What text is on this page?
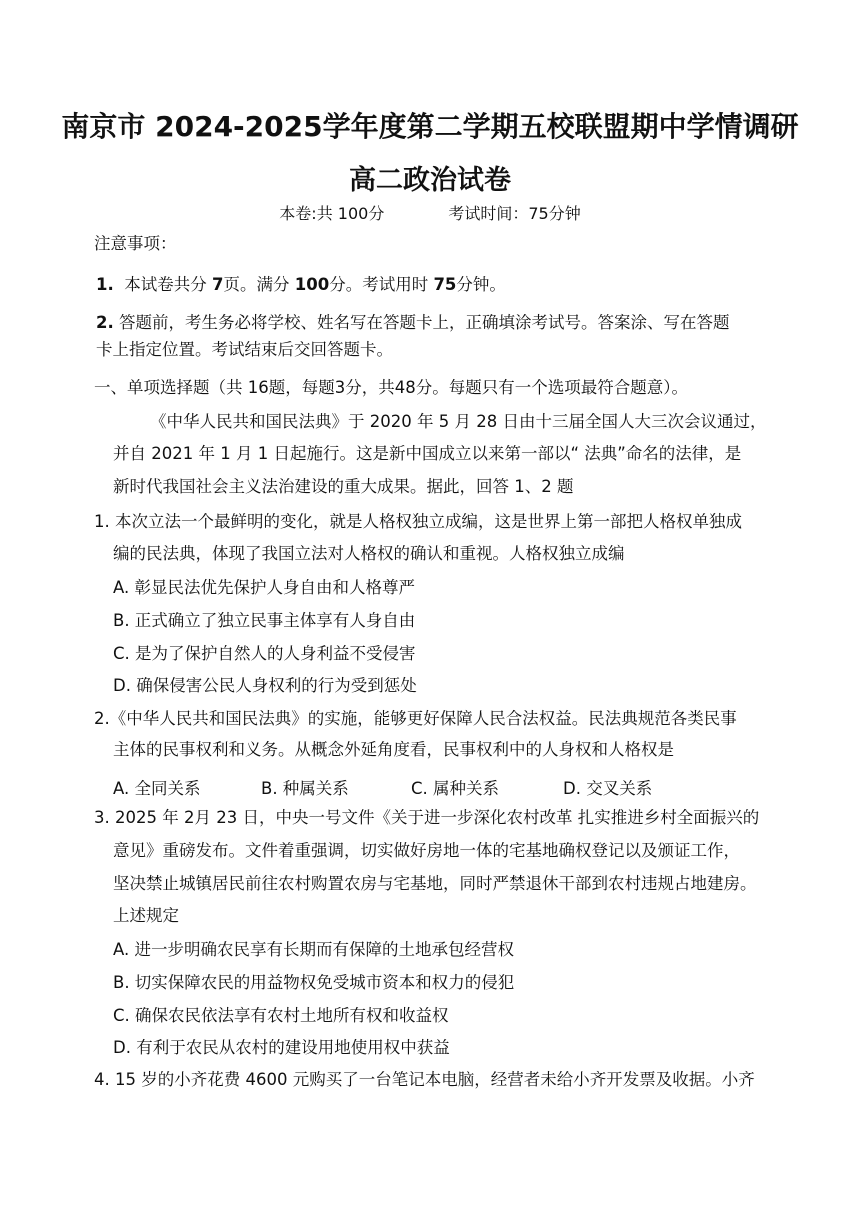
南京市 2024-2025学年度第二学期五校联盟期中学情调研
高二政治试卷
本卷:共 100分	考试时间：75分钟
注意事项：
1. 本试卷共分 7页。满分 100分。考试用时 75分钟。
2. 答题前，考生务必将学校、姓名写在答题卡上，正确填涂考试号。答案涂、写在答题
卡上指定位置。考试结束后交回答题卡。
一、单项选择题（共 16题，每题3分，共48分。每题只有一个选项最符合题意）。
《中华人民共和国民法典》于 2020 年 5 月 28 日由十三届全国人大三次会议通过，
并自 2021 年 1 月 1 日起施行。这是新中国成立以来第一部以“ 法典”命名的法律，是
新时代我国社会主义法治建设的重大成果。据此，回答 1、2 题
1. 本次立法一个最鲜明的变化，就是人格权独立成编，这是世界上第一部把人格权单独成
编的民法典，体现了我国立法对人格权的确认和重视。人格权独立成编
A. 彰显民法优先保护人身自由和人格尊严
B. 正式确立了独立民事主体享有人身自由
C. 是为了保护自然人的人身利益不受侵害
D. 确保侵害公民人身权利的行为受到惩处
2.《中华人民共和国民法典》的实施，能够更好保障人民合法权益。民法典规范各类民事
主体的民事权利和义务。从概念外延角度看，民事权利中的人身权和人格权是
A. 全同关系	B. 种属关系	C. 属种关系	D. 交叉关系
3. 2025 年 2月 23 日，中央一号文件《关于进一步深化农村改革 扎实推进乡村全面振兴的
意见》重磅发布。文件着重强调，切实做好房地一体的宅基地确权登记以及颁证工作，
坚决禁止城镇居民前往农村购置农房与宅基地，同时严禁退休干部到农村违规占地建房。
上述规定
A. 进一步明确农民享有长期而有保障的土地承包经营权
B. 切实保障农民的用益物权免受城市资本和权力的侵犯
C. 确保农民依法享有农村土地所有权和收益权
D. 有利于农民从农村的建设用地使用权中获益
4. 15 岁的小齐花费 4600 元购买了一台笔记本电脑，经营者未给小齐开发票及收据。小齐
